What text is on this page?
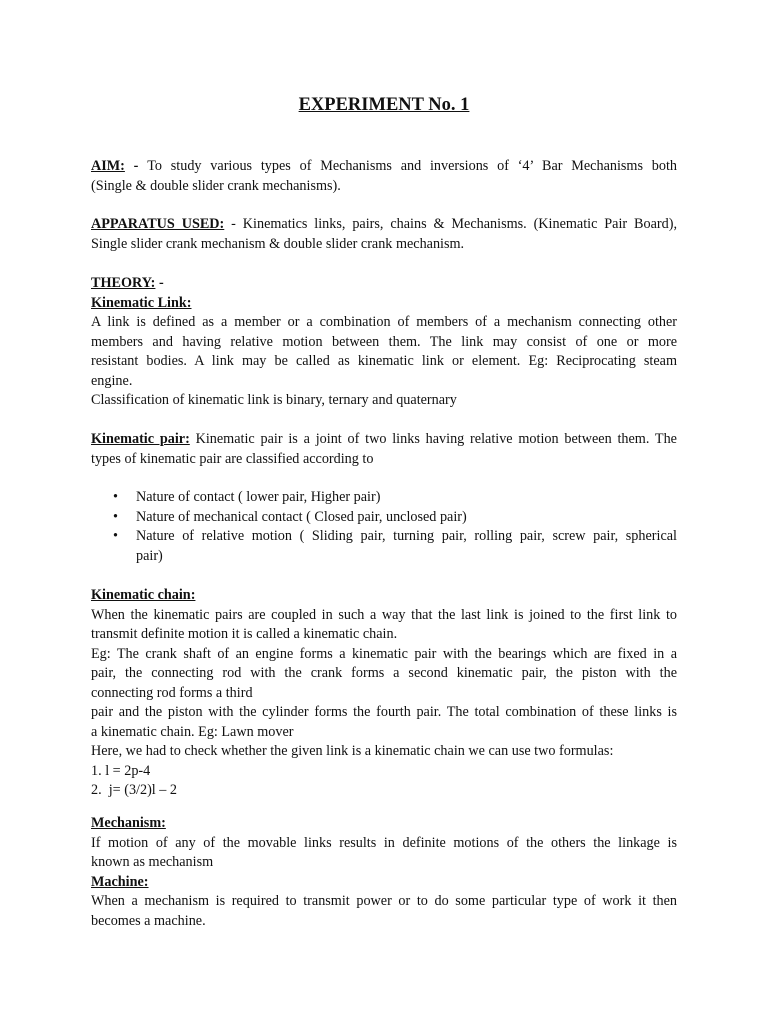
EXPERIMENT No. 1
AIM: - To study various types of Mechanisms and inversions of ‘4’ Bar Mechanisms both
(Single & double slider crank mechanisms).
APPARATUS USED: - Kinematics links, pairs, chains & Mechanisms. (Kinematic Pair Board),
Single slider crank mechanism & double slider crank mechanism.
THEORY: -
Kinematic Link:
A link is defined as a member or a combination of members of a mechanism connecting other
members and having relative motion between them. The link may consist of one or more
resistant bodies. A link may be called as kinematic link or element. Eg: Reciprocating steam
engine.
Classification of kinematic link is binary, ternary and quaternary
Kinematic pair: Kinematic pair is a joint of two links having relative motion between them. The
types of kinematic pair are classified according to
• Nature of contact ( lower pair, Higher pair)
• Nature of mechanical contact ( Closed pair, unclosed pair)
• Nature of relative motion ( Sliding pair, turning pair, rolling pair, screw pair, spherical
pair)
Kinematic chain:
When the kinematic pairs are coupled in such a way that the last link is joined to the first link to
transmit definite motion it is called a kinematic chain.
Eg: The crank shaft of an engine forms a kinematic pair with the bearings which are fixed in a
pair, the connecting rod with the crank forms a second kinematic pair, the piston with the
connecting rod forms a third
pair and the piston with the cylinder forms the fourth pair. The total combination of these links is
a kinematic chain. Eg: Lawn mover
Here, we had to check whether the given link is a kinematic chain we can use two formulas:
1. l = 2p-4
2.  j= (3/2)l – 2
Mechanism:
If motion of any of the movable links results in definite motions of the others the linkage is
known as mechanism
Machine:
When a mechanism is required to transmit power or to do some particular type of work it then
becomes a machine.
